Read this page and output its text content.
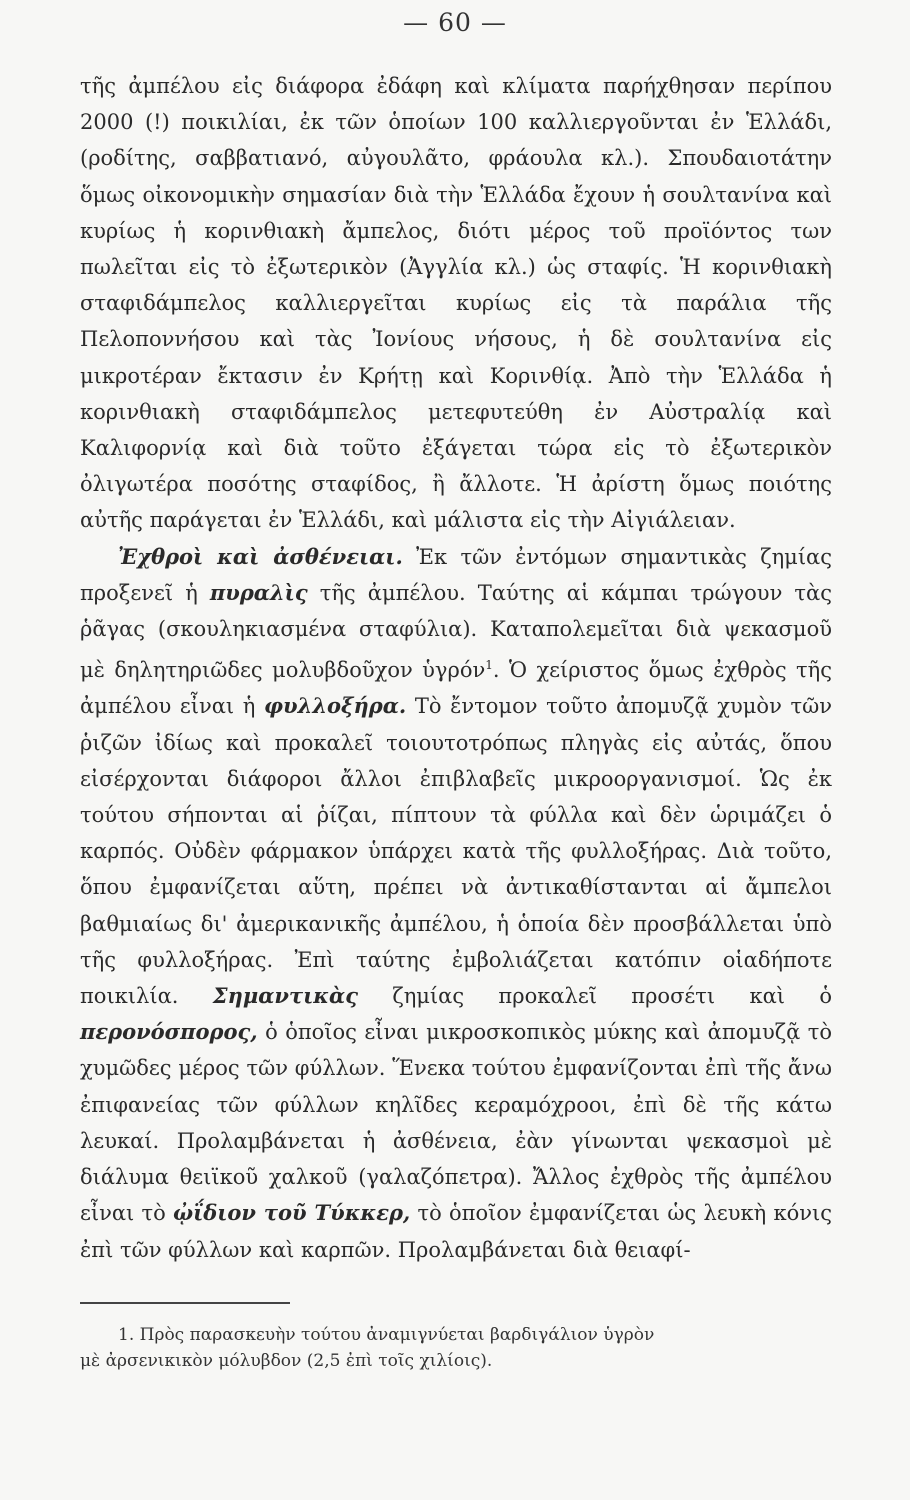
— 60 —

τῆς ἀμπέλου εἰς διάφορα ἐδάφη καὶ κλίματα παρήχθησαν περίπου 2000 (!) ποικιλίαι, ἐκ τῶν ὁποίων 100 καλλιεργοῦνται ἐν Ἑλλάδι, (ροδίτης, σαββατιανό, αὐγουλᾶτο, φράουλα κλ.). Σπουδαιοτάτην ὅμως οἰκονομικὴν σημασίαν διὰ τὴν Ἑλλάδα ἔχουν ἡ σουλτανίνα καὶ κυρίως ἡ κορινθιακὴ ἄμπελος, διότι μέρος τοῦ προϊόντος των πωλεῖται εἰς τὸ ἐξωτερικὸν (Ἀγγλία κλ.) ὡς σταφίς. Ἡ κορινθιακὴ σταφιδάμπελος καλλιεργεῖται κυρίως εἰς τὰ παράλια τῆς Πελοποννήσου καὶ τὰς Ἰονίους νήσους, ἡ δὲ σουλτανίνα εἰς μικροτέραν ἔκτασιν ἐν Κρήτῃ καὶ Κορινθίᾳ. Ἀπὸ τὴν Ἑλλάδα ἡ κορινθιακὴ σταφιδάμπελος μετεφυτεύθη ἐν Αὐστραλίᾳ καὶ Καλιφορνίᾳ καὶ διὰ τοῦτο ἐξάγεται τώρα εἰς τὸ ἐξωτερικὸν ὀλιγωτέρα ποσότης σταφίδος, ἢ ἄλλοτε. Ἡ ἀρίστη ὅμως ποιότης αὐτῆς παράγεται ἐν Ἑλλάδι, καὶ μάλιστα εἰς τὴν Αἰγιάλειαν.

Ἐχθροὶ καὶ ἀσθένειαι. Ἐκ τῶν ἐντόμων σημαντικὰς ζημίας προξενεῖ ἡ πυραλὶς τῆς ἀμπέλου. Ταύτης αἱ κάμπαι τρώγουν τὰς ῥᾶγας (σκουληκιασμένα σταφύλια). Καταπολεμεῖται διὰ ψεκασμοῦ μὲ δηλητηριῶδες μολυβδοῦχον ὑγρόν$^1$. Ὁ χείριστος ὅμως ἐχθρὸς τῆς ἀμπέλου εἶναι ἡ φυλλοξήρα. Τὸ ἔντομον τοῦτο ἀπομυζᾷ χυμὸν τῶν ῥιζῶν ἰδίως καὶ προκαλεῖ τοιουτοτρόπως πληγὰς εἰς αὐτάς, ὅπου εἰσέρχονται διάφοροι ἄλλοι ἐπιβλαβεῖς μικροοργανισμοί. Ὡς ἐκ τούτου σήπονται αἱ ῥίζαι, πίπτουν τὰ φύλλα καὶ δὲν ὡριμάζει ὁ καρπός. Οὐδὲν φάρμακον ὑπάρχει κατὰ τῆς φυλλοξήρας. Διὰ τοῦτο, ὅπου ἐμφανίζεται αὕτη, πρέπει νὰ ἀντικαθίστανται αἱ ἄμπελοι βαθμιαίως δι' ἀμερικανικῆς ἀμπέλου, ἡ ὁποία δὲν προσβάλλεται ὑπὸ τῆς φυλλοξήρας. Ἐπὶ ταύτης ἐμβολιάζεται κατόπιν οἱαδήποτε ποικιλία. Σημαντικὰς ζημίας προκαλεῖ προσέτι καὶ ὁ περονόσπορος, ὁ ὁποῖος εἶναι μικροσκοπικὸς μύκης καὶ ἀπομυζᾷ τὸ χυμῶδες μέρος τῶν φύλλων. Ἕνεκα τούτου ἐμφανίζονται ἐπὶ τῆς ἄνω ἐπιφανείας τῶν φύλλων κηλῖδες κεραμόχροοι, ἐπὶ δὲ τῆς κάτω λευκαί. Προλαμβάνεται ἡ ἀσθένεια, ἐὰν γίνωνται ψεκασμοὶ μὲ διάλυμα θειϊκοῦ χαλκοῦ (γαλαζόπετρα). Ἄλλος ἐχθρὸς τῆς ἀμπέλου εἶναι τὸ ᾠΐδιον τοῦ Τύκκερ, τὸ ὁποῖον ἐμφανίζεται ὡς λευκὴ κόνις ἐπὶ τῶν φύλλων καὶ καρπῶν. Προλαμβάνεται διὰ θειαφί-

1. Πρὸς παρασκευὴν τούτου ἀναμιγνύεται βαρδιγάλιον ὑγρὸν
μὲ ἀρσενικικὸν μόλυβδον (2,5 ἐπὶ τοῖς χιλίοις).
